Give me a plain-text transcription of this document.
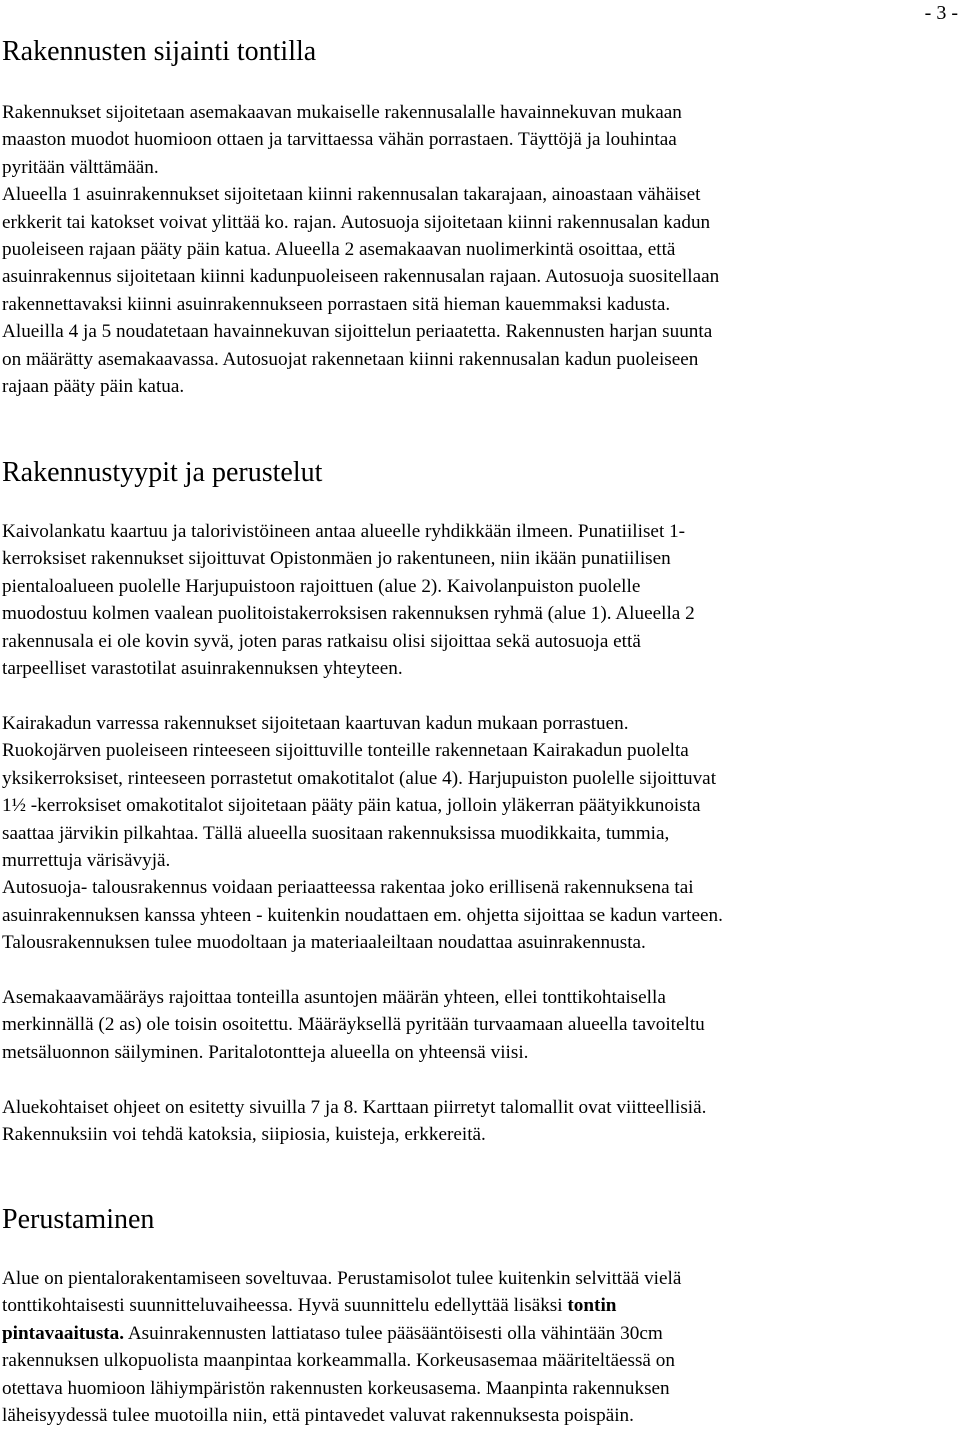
- 3 -
Rakennusten sijainti tontilla

Rakennukset sijoitetaan asemakaavan mukaiselle rakennusalalle havainnekuvan mukaan
maaston muodot huomioon ottaen ja tarvittaessa vähän porrastaen. Täyttöjä ja louhintaa
pyritään välttämään.
Alueella 1 asuinrakennukset sijoitetaan kiinni rakennusalan takarajaan, ainoastaan vähäiset
erkkerit tai katokset voivat ylittää ko. rajan. Autosuoja sijoitetaan kiinni rakennusalan kadun
puoleiseen rajaan pääty päin katua. Alueella 2 asemakaavan nuolimerkintä osoittaa, että
asuinrakennus sijoitetaan kiinni kadunpuoleiseen rakennusalan rajaan. Autosuoja suositellaan
rakennettavaksi kiinni asuinrakennukseen porrastaen sitä hieman kauemmaksi kadusta.
Alueilla 4 ja 5 noudatetaan havainnekuvan sijoittelun periaatetta. Rakennusten harjan suunta
on määrätty asemakaavassa. Autosuojat rakennetaan kiinni rakennusalan kadun puoleiseen
rajaan pääty päin katua.

Rakennustyypit ja perustelut

Kaivolankatu kaartuu ja talorivistöineen antaa alueelle ryhdikkään ilmeen. Punatiiliset 1-
kerroksiset rakennukset sijoittuvat Opistonmäen jo rakentuneen, niin ikään punatiilisen
pientaloalueen puolelle Harjupuistoon rajoittuen (alue 2). Kaivolanpuiston puolelle
muodostuu kolmen vaalean puolitoistakerroksisen rakennuksen ryhmä (alue 1). Alueella 2
rakennusala ei ole kovin syvä, joten paras ratkaisu olisi sijoittaa sekä autosuoja että
tarpeelliset varastotilat asuinrakennuksen yhteyteen.

Kairakadun varressa rakennukset sijoitetaan kaartuvan kadun mukaan porrastuen.
Ruokojärven puoleiseen rinteeseen sijoittuville tonteille rakennetaan Kairakadun puolelta
yksikerroksiset, rinteeseen porrastetut omakotitalot (alue 4). Harjupuiston puolelle sijoittuvat
1½ -kerroksiset omakotitalot sijoitetaan pääty päin katua, jolloin yläkerran päätyikkunoista
saattaa järvikin pilkahtaa. Tällä alueella suositaan rakennuksissa muodikkaita, tummia,
murrettuja värisävyjä.
Autosuoja- talousrakennus voidaan periaatteessa rakentaa joko erillisenä rakennuksena tai
asuinrakennuksen kanssa yhteen - kuitenkin noudattaen em. ohjetta sijoittaa se kadun varteen.
Talousrakennuksen tulee muodoltaan ja materiaaleiltaan noudattaa asuinrakennusta.

Asemakaavamääräys rajoittaa tonteilla asuntojen määrän yhteen, ellei tonttikohtaisella
merkinnällä (2 as) ole toisin osoitettu. Määräyksellä pyritään turvaamaan alueella tavoiteltu
metsäluonnon säilyminen. Paritalotontteja alueella on yhteensä viisi.

Aluekohtaiset ohjeet on esitetty sivuilla 7 ja 8. Karttaan piirretyt talomallit ovat viitteellisiä.
Rakennuksiin voi tehdä katoksia, siipiosia, kuisteja, erkkereitä.

Perustaminen

Alue on pientalorakentamiseen soveltuvaa. Perustamisolot tulee kuitenkin selvittää vielä
tonttikohtaisesti suunnitteluvaiheessa. Hyvä suunnittelu edellyttää lisäksi tontin
pintavaaitusta. Asuinrakennusten lattiataso tulee pääsääntöisesti olla vähintään 30cm
rakennuksen ulkopuolista maanpintaa korkeammalla. Korkeusasemaa määriteltäessä on
otettava huomioon lähiympäristön rakennusten korkeusasema. Maanpinta rakennuksen
läheisyydessä tulee muotoilla niin, että pintavedet valuvat rakennuksesta poispäin.
